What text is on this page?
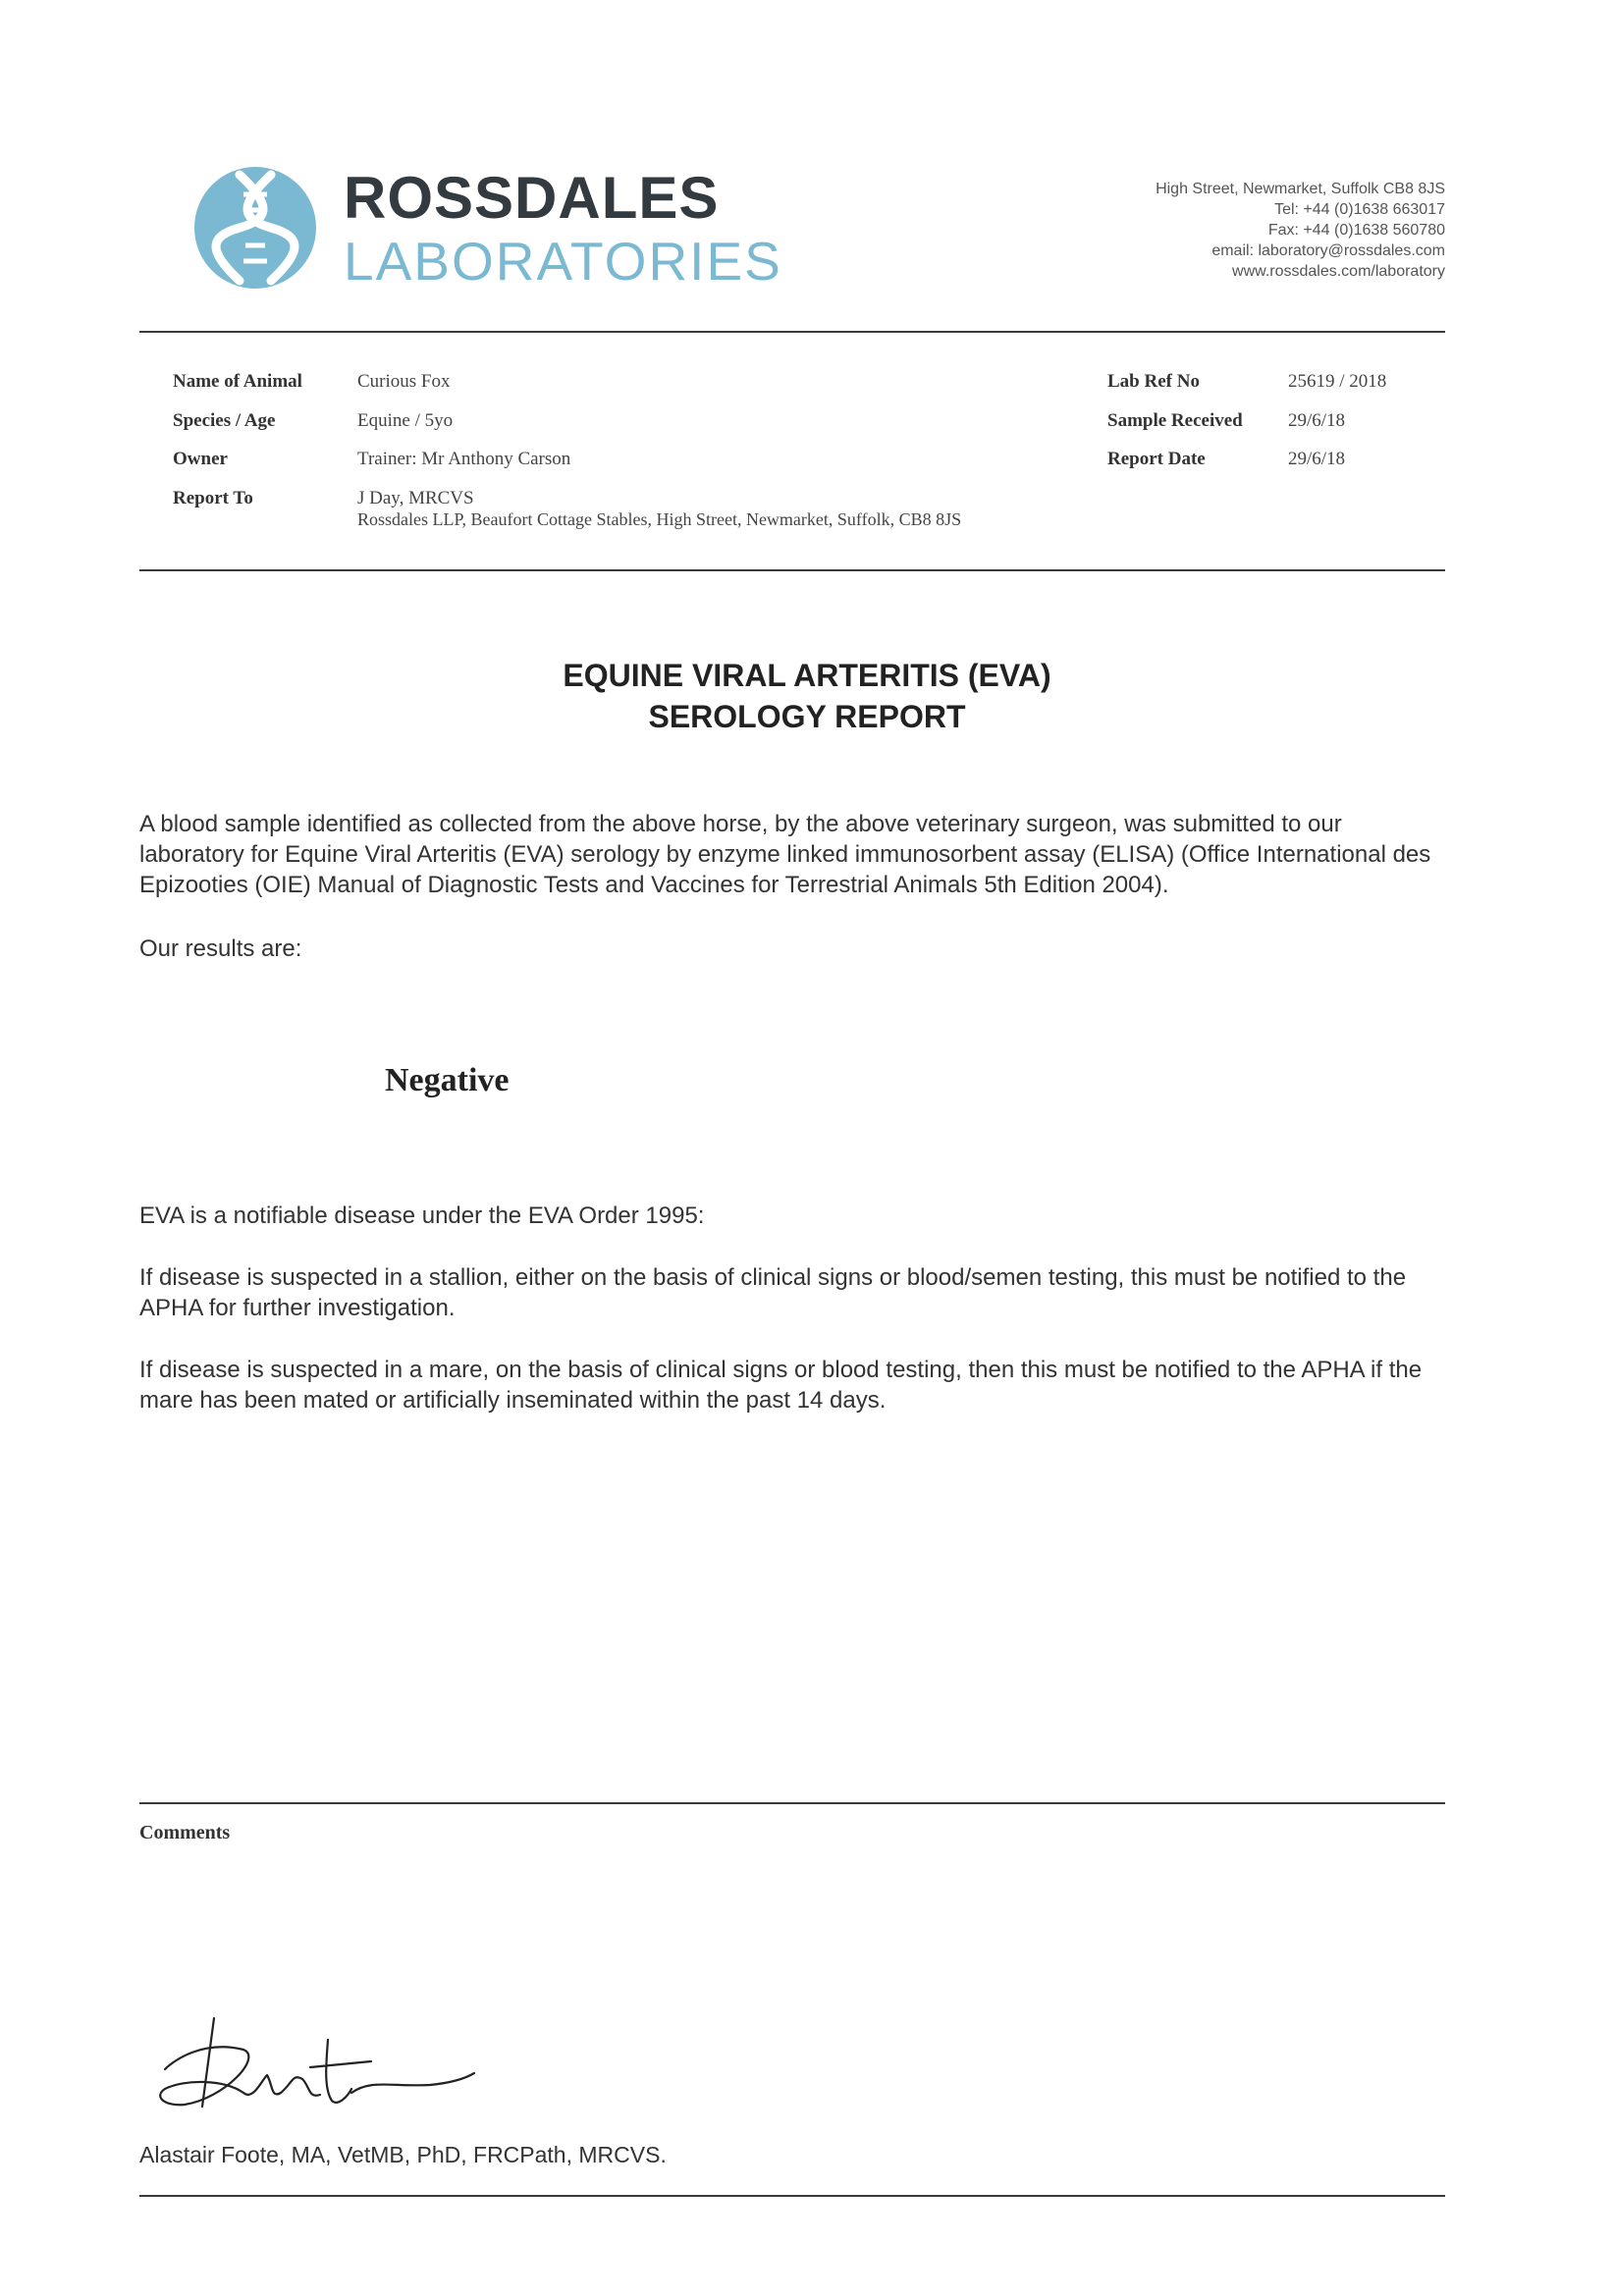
ROSSDALES
LABORATORIES
High Street, Newmarket, Suffolk CB8 8JS
Tel: +44 (0)1638 663017
Fax: +44 (0)1638 560780
email: laboratory@rossdales.com
www.rossdales.com/laboratory
Name of Animal	Curious Fox
Species / Age	Equine / 5yo
Owner	Trainer: Mr Anthony Carson
Report To	J Day, MRCVS
Rossdales LLP, Beaufort Cottage Stables, High Street, Newmarket, Suffolk, CB8 8JS
Lab Ref No	25619 / 2018
Sample Received 29/6/18
Report Date	29/6/18
EQUINE VIRAL ARTERITIS (EVA)
SEROLOGY REPORT
A blood sample identified as collected from the above horse, by the above veterinary surgeon, was submitted to our laboratory for Equine Viral Arteritis (EVA) serology by enzyme linked immunosorbent assay (ELISA) (Office International des Epizooties (OIE) Manual of Diagnostic Tests and Vaccines for Terrestrial Animals 5th Edition 2004).
Our results are:
Negative
EVA is a notifiable disease under the EVA Order 1995:
If disease is suspected in a stallion, either on the basis of clinical signs or blood/semen testing, this must be notified to the APHA for further investigation.
If disease is suspected in a mare, on the basis of clinical signs or blood testing, then this must be notified to the APHA if the mare has been mated or artificially inseminated within the past 14 days.
Comments
Alastair Foote, MA, VetMB, PhD, FRCPath, MRCVS.
